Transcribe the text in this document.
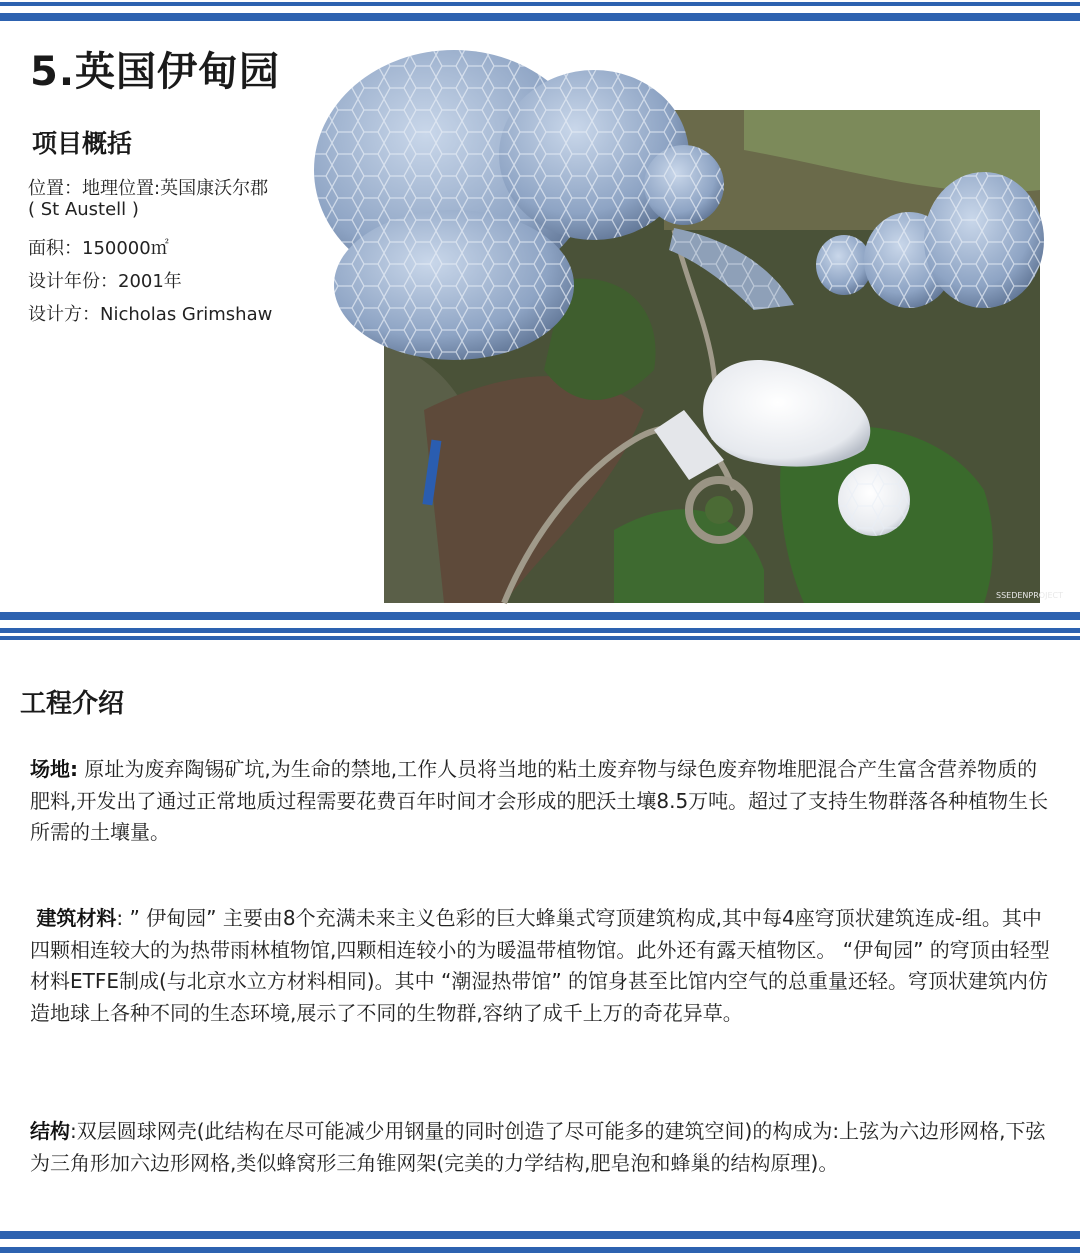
5.英国伊甸园
项目概括
位置：地理位置:英国康沃尔郡
( St Austell )
面积：150000㎡
设计年份：2001年
设计方：Nicholas Grimshaw
SSEDENPROJECT
工程介绍
场地: 原址为废弃陶锡矿坑,为生命的禁地,工作人员将当地的粘土废弃物与绿色废弃物堆肥混合产生富含营养物质的肥料,开发出了通过正常地质过程需要花费百年时间才会形成的肥沃土壤8.5万吨。超过了支持生物群落各种植物生长所需的土壤量。
建筑材料: ” 伊甸园” 主要由8个充满未来主义色彩的巨大蜂巢式穹顶建筑构成,其中每4座穹顶状建筑连成-组。其中四颗相连较大的为热带雨林植物馆,四颗相连较小的为暖温带植物馆。此外还有露天植物区。 “伊甸园” 的穹顶由轻型材料ETFE制成(与北京水立方材料相同)。其中 “潮湿热带馆” 的馆身甚至比馆内空气的总重量还轻。穹顶状建筑内仿造地球上各种不同的生态环境,展示了不同的生物群,容纳了成千上万的奇花异草。
结构:双层圆球网壳(此结构在尽可能减少用钢量的同时创造了尽可能多的建筑空间)的构成为:上弦为六边形网格,下弦为三角形加六边形网格,类似蜂窝形三角锥网架(完美的力学结构,肥皂泡和蜂巢的结构原理)。
